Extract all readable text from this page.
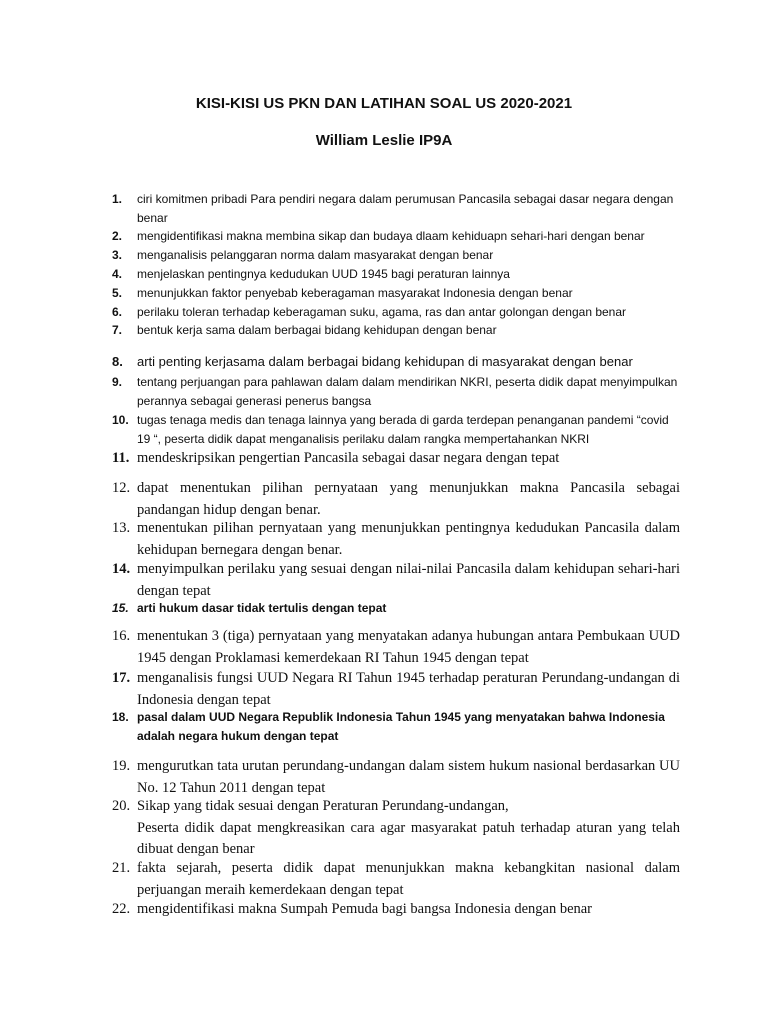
KISI-KISI US PKN DAN LATIHAN SOAL US 2020-2021
William Leslie IP9A
1. ciri komitmen pribadi Para pendiri negara dalam perumusan Pancasila sebagai dasar negara dengan benar
2. mengidentifikasi makna membina sikap dan budaya dlaam kehiduapn sehari-hari dengan benar
3. menganalisis pelanggaran norma dalam masyarakat dengan benar
4. menjelaskan pentingnya kedudukan UUD 1945 bagi peraturan lainnya
5. menunjukkan faktor penyebab keberagaman masyarakat Indonesia dengan benar
6. perilaku toleran terhadap keberagaman suku, agama, ras dan antar golongan dengan benar
7. bentuk kerja sama dalam berbagai bidang kehidupan dengan benar
8. arti penting kerjasama dalam berbagai bidang kehidupan di masyarakat dengan benar
9. tentang perjuangan para pahlawan dalam dalam mendirikan NKRI, peserta didik dapat menyimpulkan perannya sebagai generasi penerus bangsa
10. tugas tenaga medis dan tenaga lainnya yang berada di garda terdepan penanganan pandemi “covid 19 “, peserta didik dapat menganalisis perilaku dalam rangka mempertahankan NKRI
11. mendeskripsikan pengertian Pancasila sebagai dasar negara dengan tepat
12. dapat menentukan pilihan pernyataan yang menunjukkan makna Pancasila sebagai pandangan hidup dengan benar.
13. menentukan pilihan pernyataan yang menunjukkan pentingnya kedudukan Pancasila dalam kehidupan bernegara dengan benar.
14. menyimpulkan perilaku yang sesuai dengan nilai-nilai Pancasila dalam kehidupan sehari-hari dengan tepat
15. arti hukum dasar tidak tertulis dengan tepat
16. menentukan 3 (tiga) pernyataan yang menyatakan adanya hubungan antara Pembukaan UUD 1945 dengan Proklamasi kemerdekaan RI Tahun 1945 dengan tepat
17. menganalisis fungsi UUD Negara RI Tahun 1945 terhadap peraturan Perundang-undangan di Indonesia dengan tepat
18. pasal dalam UUD Negara Republik Indonesia Tahun 1945 yang menyatakan bahwa Indonesia adalah negara hukum dengan tepat
19. mengurutkan tata urutan perundang-undangan dalam sistem hukum nasional berdasarkan UU No. 12 Tahun 2011 dengan tepat
20. Sikap yang tidak sesuai dengan Peraturan Perundang-undangan,
Peserta didik dapat mengkreasikan cara agar masyarakat patuh terhadap aturan yang telah dibuat dengan benar
21. fakta sejarah, peserta didik dapat menunjukkan makna kebangkitan nasional dalam perjuangan meraih kemerdekaan dengan tepat
22. mengidentifikasi makna Sumpah Pemuda bagi bangsa Indonesia dengan benar
